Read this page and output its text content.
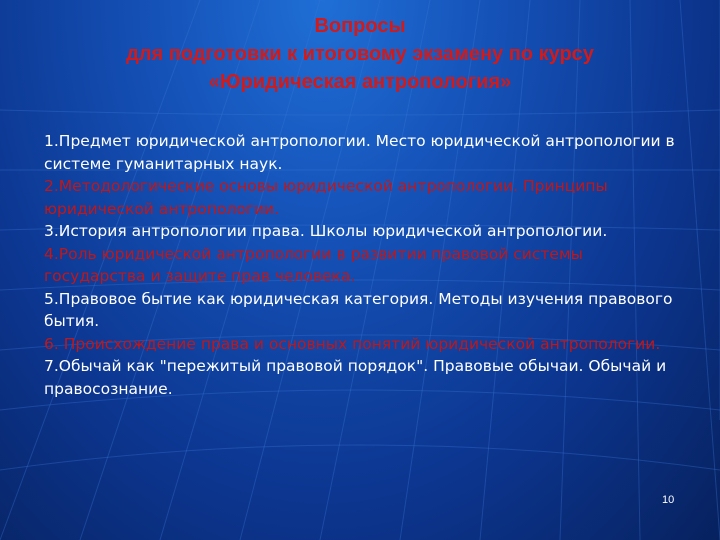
Вопросы
для подготовки к итоговому экзамену по курсу
«Юридическая антропология»
1.Предмет юридической антропологии. Место юридической антропологии в системе гуманитарных наук.
2.Методологические основы юридической антропологии. Принципы юридической антропологии.
3.История антропологии права. Школы юридической антропологии.
4.Роль юридической антропологии в развитии правовой системы государства и защите прав человека.
5.Правовое бытие как юридическая категория. Методы изучения правового бытия.
6. Происхождение права и основных понятий юридической антропологии.
7.Обычай как "пережитый правовой порядок". Правовые обычаи. Обычай и правосознание.
10
